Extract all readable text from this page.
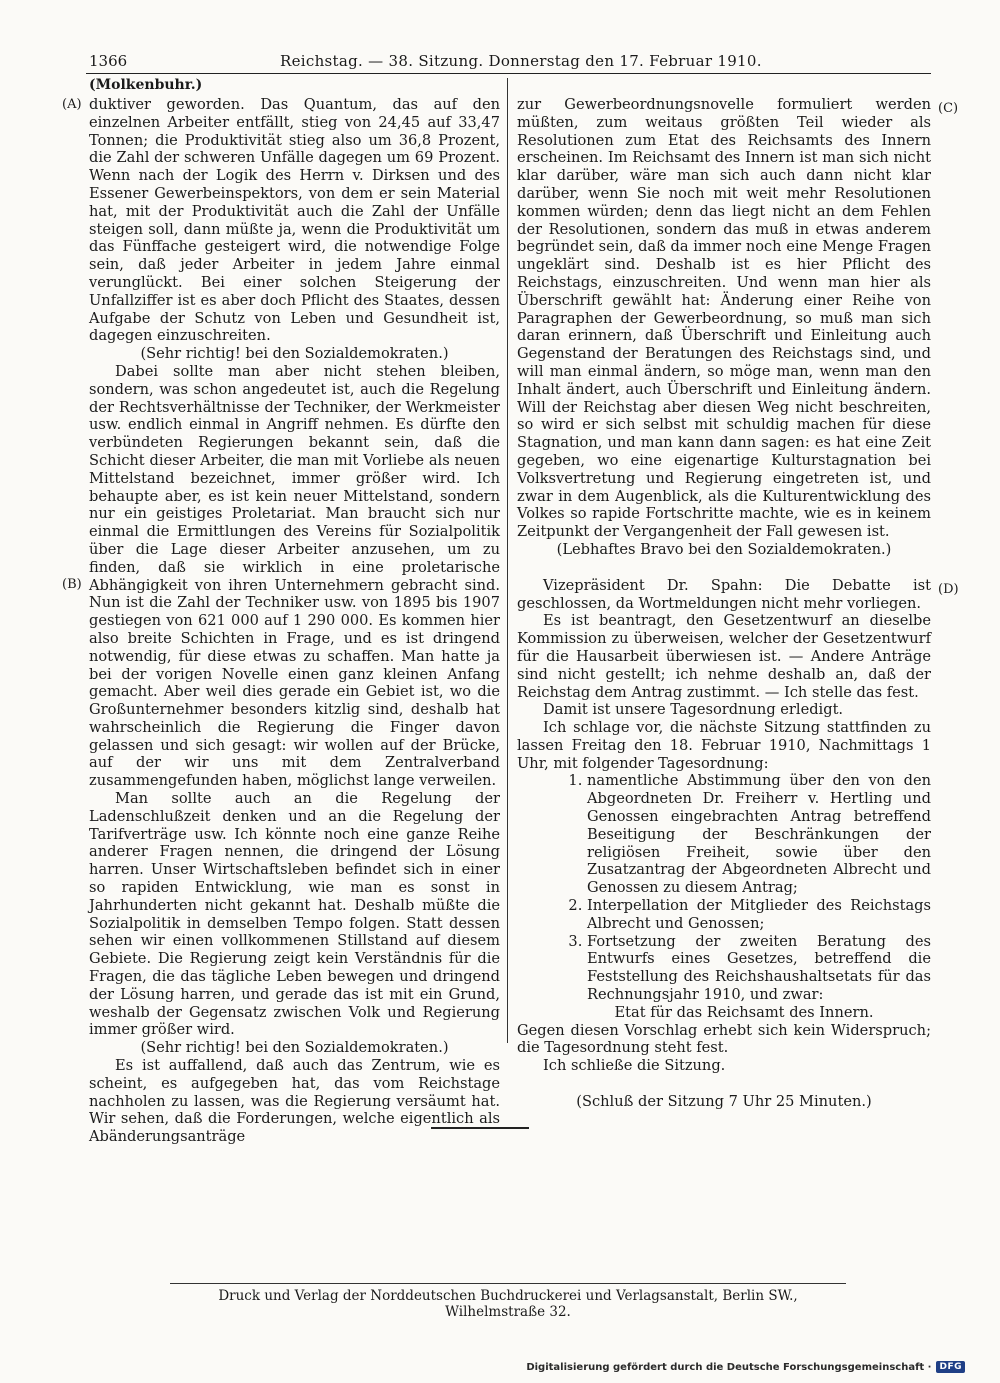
1366	Reichstag. — 38. Sitzung. Donnerstag den 17. Februar 1910.
(Molkenbuhr.)
(A)
(B)
(C)
(D)

duktiver geworden. Das Quantum, das auf den einzelnen Arbeiter entfällt, stieg von 24,45 auf 33,47 Tonnen; die Produktivität stieg also um 36,8 Prozent, die Zahl der schweren Unfälle dagegen um 69 Prozent. Wenn nach der Logik des Herrn v. Dirksen und des Essener Gewerbeinspektors, von dem er sein Material hat, mit der Produktivität auch die Zahl der Unfälle steigen soll, dann müßte ja, wenn die Produktivität um das Fünffache gesteigert wird, die notwendige Folge sein, daß jeder Arbeiter in jedem Jahre einmal verunglückt. Bei einer solchen Steigerung der Unfallziffer ist es aber doch Pflicht des Staates, dessen Aufgabe der Schutz von Leben und Gesundheit ist, dagegen einzuschreiten.

(Sehr richtig! bei den Sozialdemokraten.)

Dabei sollte man aber nicht stehen bleiben, sondern, was schon angedeutet ist, auch die Regelung der Rechtsverhältnisse der Techniker, der Werkmeister usw. endlich einmal in Angriff nehmen. Es dürfte den verbündeten Regierungen bekannt sein, daß die Schicht dieser Arbeiter, die man mit Vorliebe als neuen Mittelstand bezeichnet, immer größer wird. Ich behaupte aber, es ist kein neuer Mittelstand, sondern nur ein geistiges Proletariat. Man braucht sich nur einmal die Ermittlungen des Vereins für Sozialpolitik über die Lage dieser Arbeiter anzusehen, um zu finden, daß sie wirklich in eine proletarische Abhängigkeit von ihren Unternehmern gebracht sind. Nun ist die Zahl der Techniker usw. von 1895 bis 1907 gestiegen von 621 000 auf 1 290 000. Es kommen hier also breite Schichten in Frage, und es ist dringend notwendig, für diese etwas zu schaffen. Man hatte ja bei der vorigen Novelle einen ganz kleinen Anfang gemacht. Aber weil dies gerade ein Gebiet ist, wo die Großunternehmer besonders kitzlig sind, deshalb hat wahrscheinlich die Regierung die Finger davon gelassen und sich gesagt: wir wollen auf der Brücke, auf der wir uns mit dem Zentralverband zusammengefunden haben, möglichst lange verweilen.

Man sollte auch an die Regelung der Ladenschlußzeit denken und an die Regelung der Tarifverträge usw. Ich könnte noch eine ganze Reihe anderer Fragen nennen, die dringend der Lösung harren. Unser Wirtschaftsleben befindet sich in einer so rapiden Entwicklung, wie man es sonst in Jahrhunderten nicht gekannt hat. Deshalb müßte die Sozialpolitik in demselben Tempo folgen. Statt dessen sehen wir einen vollkommenen Stillstand auf diesem Gebiete. Die Regierung zeigt kein Verständnis für die Fragen, die das tägliche Leben bewegen und dringend der Lösung harren, und gerade das ist mit ein Grund, weshalb der Gegensatz zwischen Volk und Regierung immer größer wird.

(Sehr richtig! bei den Sozialdemokraten.)

Es ist auffallend, daß auch das Zentrum, wie es scheint, es aufgegeben hat, das vom Reichstage nachholen zu lassen, was die Regierung versäumt hat. Wir sehen, daß die Forderungen, welche eigentlich als Abänderungsanträge

zur Gewerbeordnungsnovelle formuliert werden müßten, zum weitaus größten Teil wieder als Resolutionen zum Etat des Reichsamts des Innern erscheinen. Im Reichsamt des Innern ist man sich nicht klar darüber, wäre man sich auch dann nicht klar darüber, wenn Sie noch mit weit mehr Resolutionen kommen würden; denn das liegt nicht an dem Fehlen der Resolutionen, sondern das muß in etwas anderem begründet sein, daß da immer noch eine Menge Fragen ungeklärt sind. Deshalb ist es hier Pflicht des Reichstags, einzuschreiten. Und wenn man hier als Überschrift gewählt hat: Änderung einer Reihe von Paragraphen der Gewerbeordnung, so muß man sich daran erinnern, daß Überschrift und Einleitung auch Gegenstand der Beratungen des Reichstags sind, und will man einmal ändern, so möge man, wenn man den Inhalt ändert, auch Überschrift und Einleitung ändern. Will der Reichstag aber diesen Weg nicht beschreiten, so wird er sich selbst mit schuldig machen für diese Stagnation, und man kann dann sagen: es hat eine Zeit gegeben, wo eine eigenartige Kulturstagnation bei Volksvertretung und Regierung eingetreten ist, und zwar in dem Augenblick, als die Kulturentwicklung des Volkes so rapide Fortschritte machte, wie es in keinem Zeitpunkt der Vergangenheit der Fall gewesen ist.

(Lebhaftes Bravo bei den Sozialdemokraten.)

Vizepräsident Dr. Spahn: Die Debatte ist geschlossen, da Wortmeldungen nicht mehr vorliegen.

Es ist beantragt, den Gesetzentwurf an dieselbe Kommission zu überweisen, welcher der Gesetzentwurf für die Hausarbeit überwiesen ist. — Andere Anträge sind nicht gestellt; ich nehme deshalb an, daß der Reichstag dem Antrag zustimmt. — Ich stelle das fest.

Damit ist unsere Tagesordnung erledigt.

Ich schlage vor, die nächste Sitzung stattfinden zu lassen Freitag den 18. Februar 1910, Nachmittags 1 Uhr, mit folgender Tagesordnung:

1. namentliche Abstimmung über den von den Abgeordneten Dr. Freiherr v. Hertling und Genossen eingebrachten Antrag betreffend Beseitigung der Beschränkungen der religiösen Freiheit, sowie über den Zusatzantrag der Abgeordneten Albrecht und Genossen zu diesem Antrag;
2. Interpellation der Mitglieder des Reichstags Albrecht und Genossen;
3. Fortsetzung der zweiten Beratung des Entwurfs eines Gesetzes, betreffend die Feststellung des Reichshaushaltsetats für das Rechnungsjahr 1910, und zwar:

Etat für das Reichsamt des Innern.

Gegen diesen Vorschlag erhebt sich kein Widerspruch; die Tagesordnung steht fest.

Ich schließe die Sitzung.

(Schluß der Sitzung 7 Uhr 25 Minuten.)

Druck und Verlag der Norddeutschen Buchdruckerei und Verlagsanstalt, Berlin SW., Wilhelmstraße 32.
Digitalisierung gefördert durch die Deutsche Forschungsgemeinschaft · DFG
